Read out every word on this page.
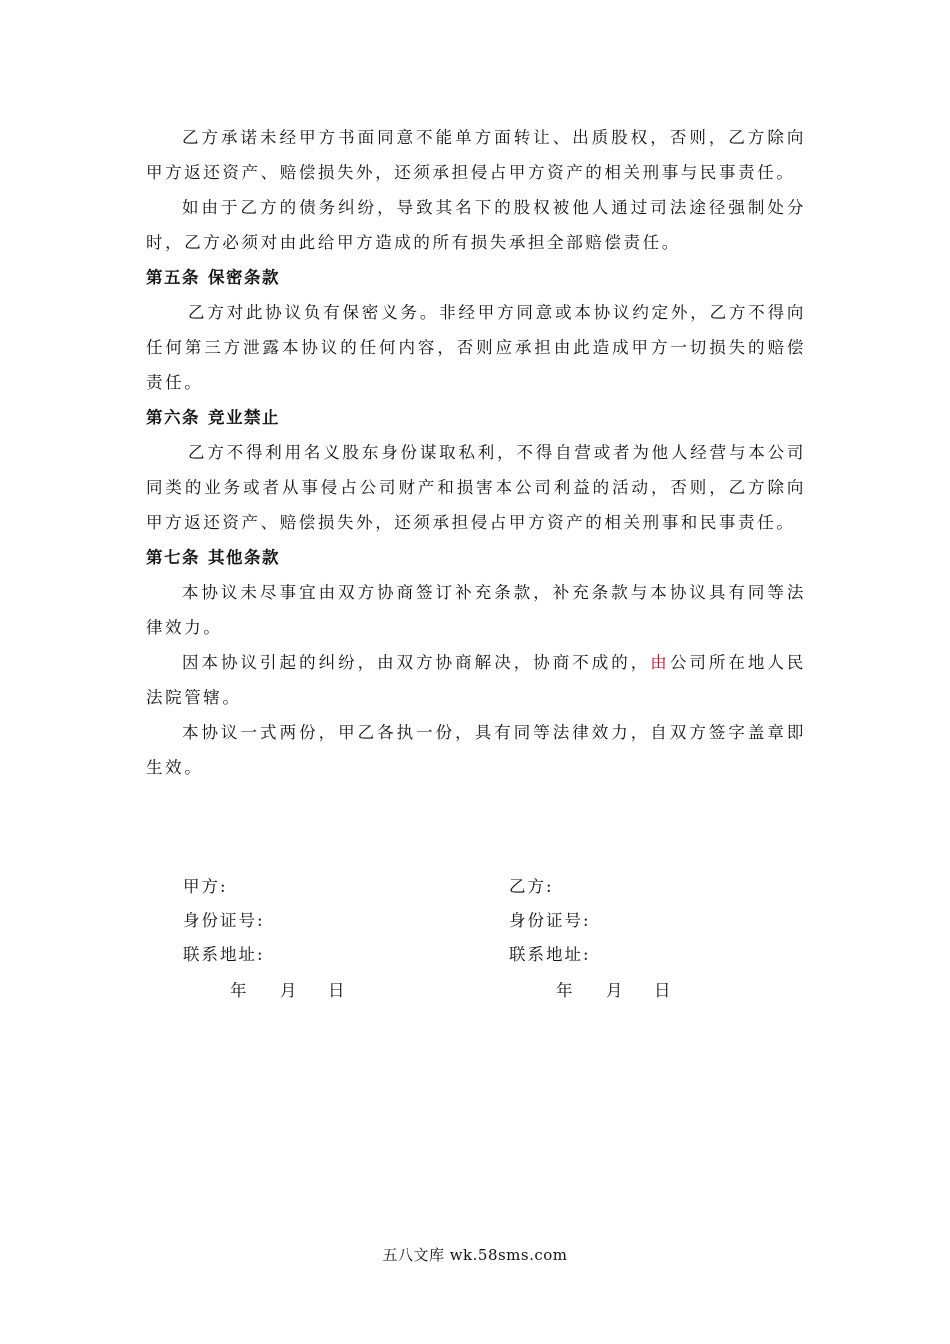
乙方承诺未经甲方书面同意不能单方面转让、出质股权，否则，乙方除向甲方返还资产、赔偿损失外，还须承担侵占甲方资产的相关刑事与民事责任。

如由于乙方的债务纠纷，导致其名下的股权被他人通过司法途径强制处分时，乙方必须对由此给甲方造成的所有损失承担全部赔偿责任。

第五条 保密条款

乙方对此协议负有保密义务。非经甲方同意或本协议约定外，乙方不得向任何第三方泄露本协议的任何内容，否则应承担由此造成甲方一切损失的赔偿责任。

第六条 竞业禁止

乙方不得利用名义股东身份谋取私利，不得自营或者为他人经营与本公司同类的业务或者从事侵占公司财产和损害本公司利益的活动，否则，乙方除向甲方返还资产、赔偿损失外，还须承担侵占甲方资产的相关刑事和民事责任。

第七条 其他条款

本协议未尽事宜由双方协商签订补充条款，补充条款与本协议具有同等法律效力。

因本协议引起的纠纷，由双方协商解决，协商不成的，由公司所在地人民法院管辖。

本协议一式两份，甲乙各执一份，具有同等法律效力，自双方签字盖章即生效。

甲方:
身份证号:
联系地址:
乙方:
身份证号:
联系地址:
年 月 日	年 月 日
五八文库 wk.58sms.com
